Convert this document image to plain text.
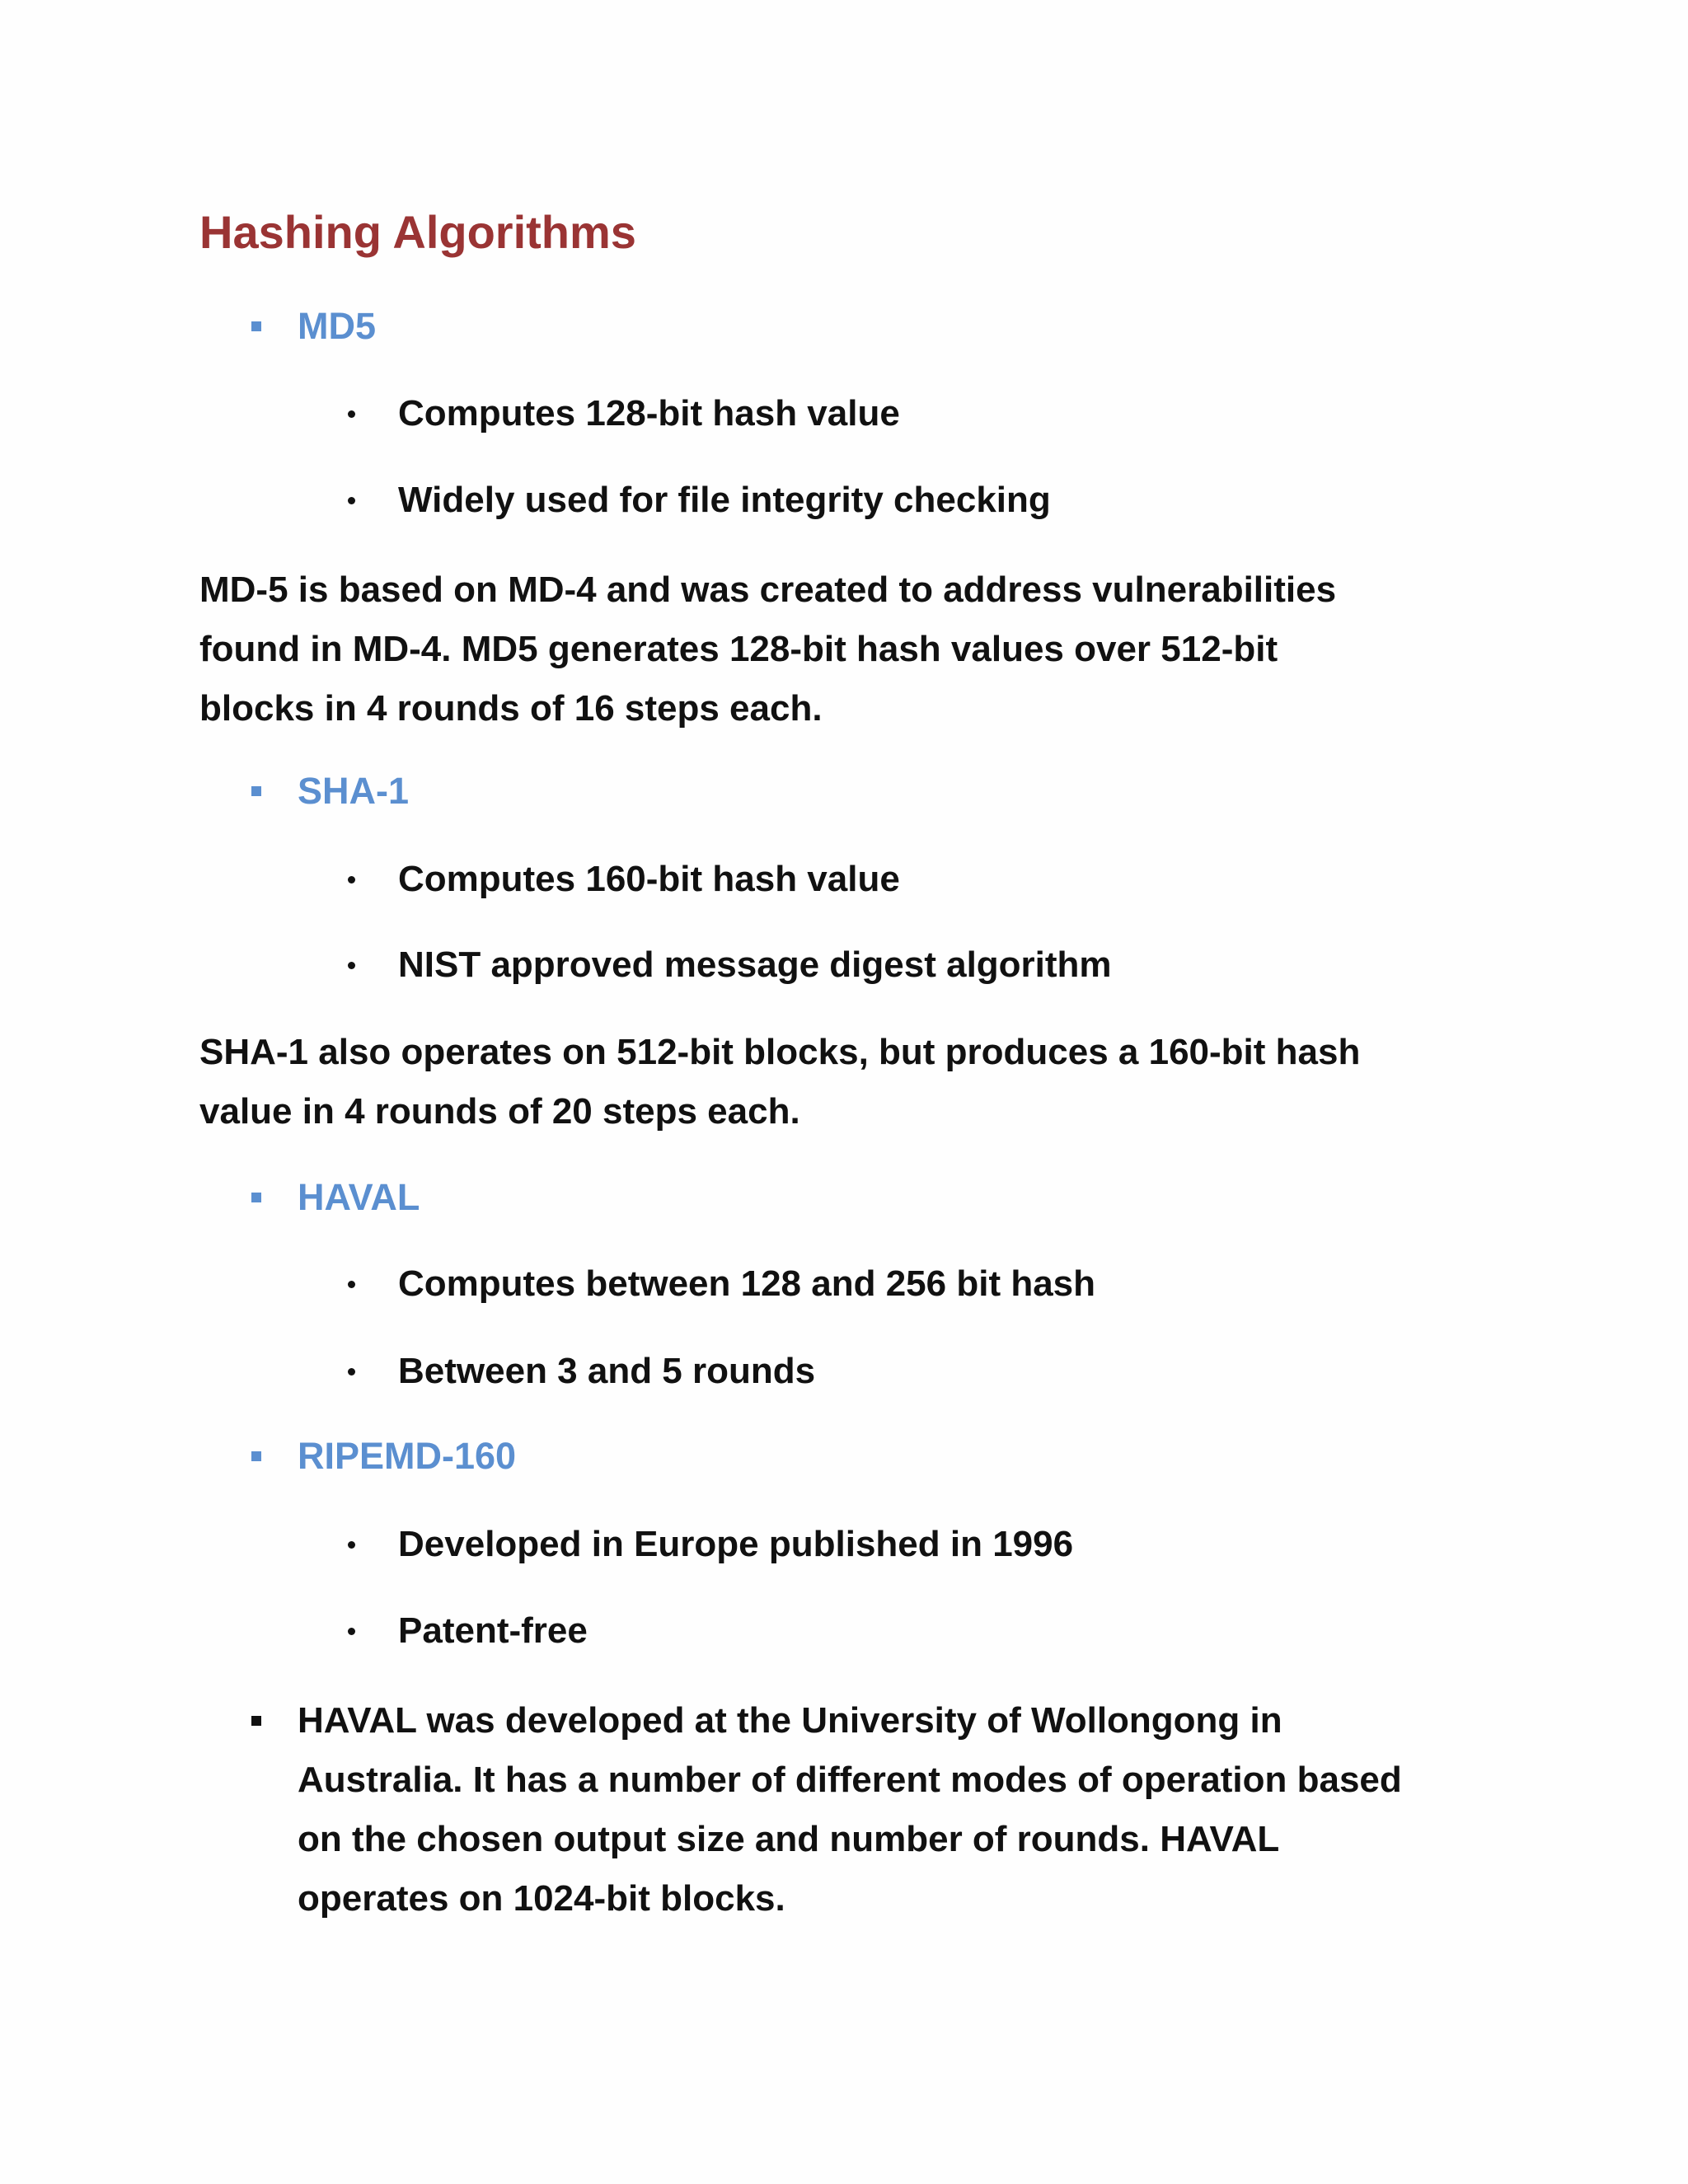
Hashing Algorithms
MD5
Computes 128-bit hash value
Widely used for file integrity checking

MD-5 is based on MD-4 and was created to address vulnerabilities
found in MD-4. MD5 generates 128-bit hash values over 512-bit
blocks in 4 rounds of 16 steps each.

SHA-1
Computes 160-bit hash value
NIST approved message digest algorithm

SHA-1 also operates on 512-bit blocks, but produces a 160-bit hash
value in 4 rounds of 20 steps each.

HAVAL
Computes between 128 and 256 bit hash
Between 3 and 5 rounds
RIPEMD-160
Developed in Europe published in 1996
Patent-free

HAVAL was developed at the University of Wollongong in
Australia. It has a number of different modes of operation based
on the chosen output size and number of rounds. HAVAL
operates on 1024-bit blocks.
